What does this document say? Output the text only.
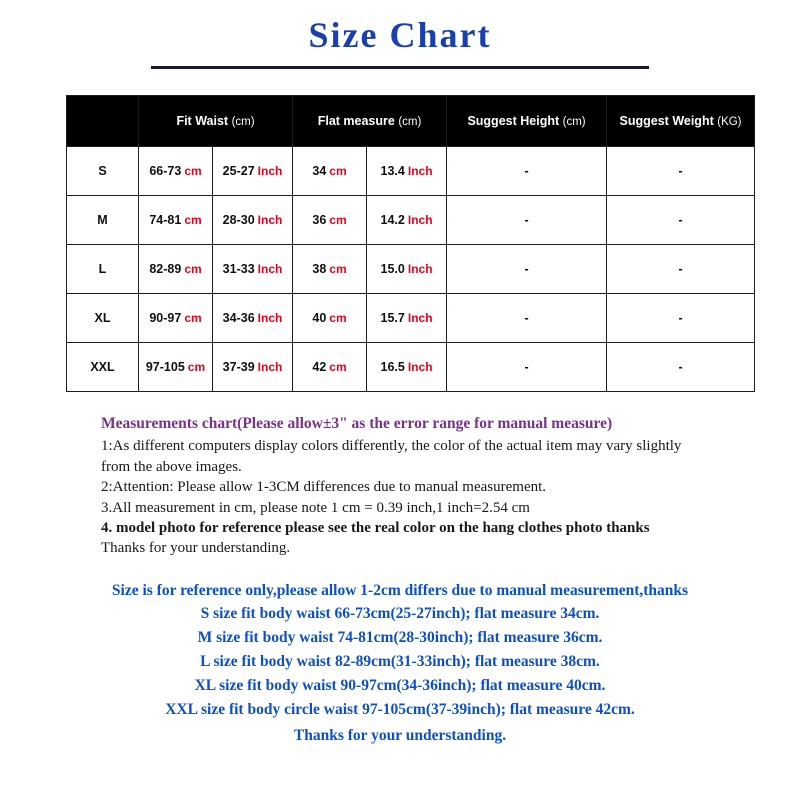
Size Chart
	Fit Waist (cm)		Flat measure (cm)		Suggest Height (cm)	Suggest Weight (KG)
S	66-73 cm	25-27 Inch	34 cm	13.4 Inch	-	-
M	74-81 cm	28-30 Inch	36 cm	14.2 Inch	-	-
L	82-89 cm	31-33 Inch	38 cm	15.0 Inch	-	-
XL	90-97 cm	34-36 Inch	40 cm	15.7 Inch	-	-
XXL	97-105 cm	37-39 Inch	42 cm	16.5 Inch	-	-
Measurements chart(Please allow±3" as the error range for manual measure)
1:As different computers display colors differently, the color of the actual item may vary slightly from the above images.
2:Attention: Please allow 1-3CM differences due to manual measurement.
3.All measurement in cm, please note 1 cm = 0.39 inch,1 inch=2.54 cm
4. model photo for reference please see the real color on the hang clothes photo thanks
Thanks for your understanding.
Size is for reference only,please allow 1-2cm differs due to manual measurement,thanks
S size fit body waist 66-73cm(25-27inch); flat measure 34cm.
M size fit body waist 74-81cm(28-30inch); flat measure 36cm.
L size fit body waist 82-89cm(31-33inch); flat measure 38cm.
XL size fit body waist 90-97cm(34-36inch); flat measure 40cm.
XXL size fit body circle waist 97-105cm(37-39inch); flat measure 42cm.
Thanks for your understanding.
